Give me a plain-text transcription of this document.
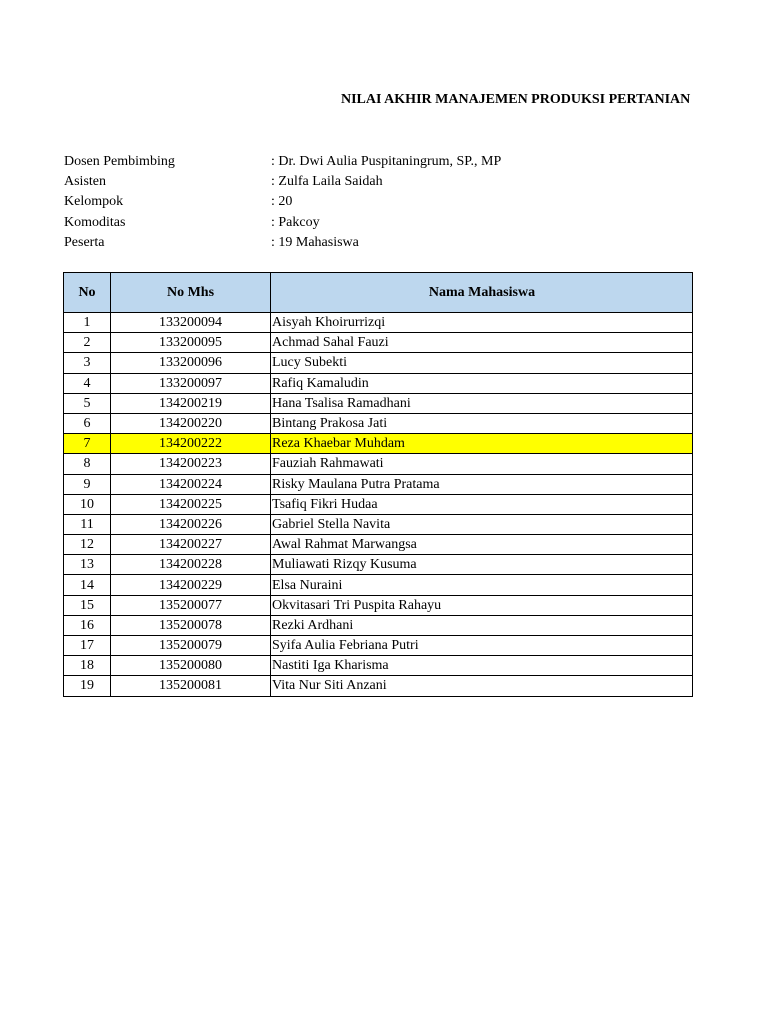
NILAI AKHIR MANAJEMEN PRODUKSI PERTANIAN
Dosen Pembimbing	: Dr. Dwi Aulia Puspitaningrum, SP., MP
Asisten	: Zulfa Laila Saidah
Kelompok	: 20
Komoditas	: Pakcoy
Peserta	: 19 Mahasiswa
No	No Mhs	Nama Mahasiswa
1	133200094	Aisyah Khoirurrizqi
2	133200095	Achmad Sahal Fauzi
3	133200096	Lucy Subekti
4	133200097	Rafiq Kamaludin
5	134200219	Hana Tsalisa Ramadhani
6	134200220	Bintang Prakosa Jati
7	134200222	Reza Khaebar Muhdam
8	134200223	Fauziah Rahmawati
9	134200224	Risky Maulana Putra Pratama
10	134200225	Tsafiq Fikri Hudaa
11	134200226	Gabriel Stella Navita
12	134200227	Awal Rahmat Marwangsa
13	134200228	Muliawati Rizqy Kusuma
14	134200229	Elsa Nuraini
15	135200077	Okvitasari Tri Puspita Rahayu
16	135200078	Rezki Ardhani
17	135200079	Syifa Aulia Febriana Putri
18	135200080	Nastiti Iga Kharisma
19	135200081	Vita Nur Siti Anzani
